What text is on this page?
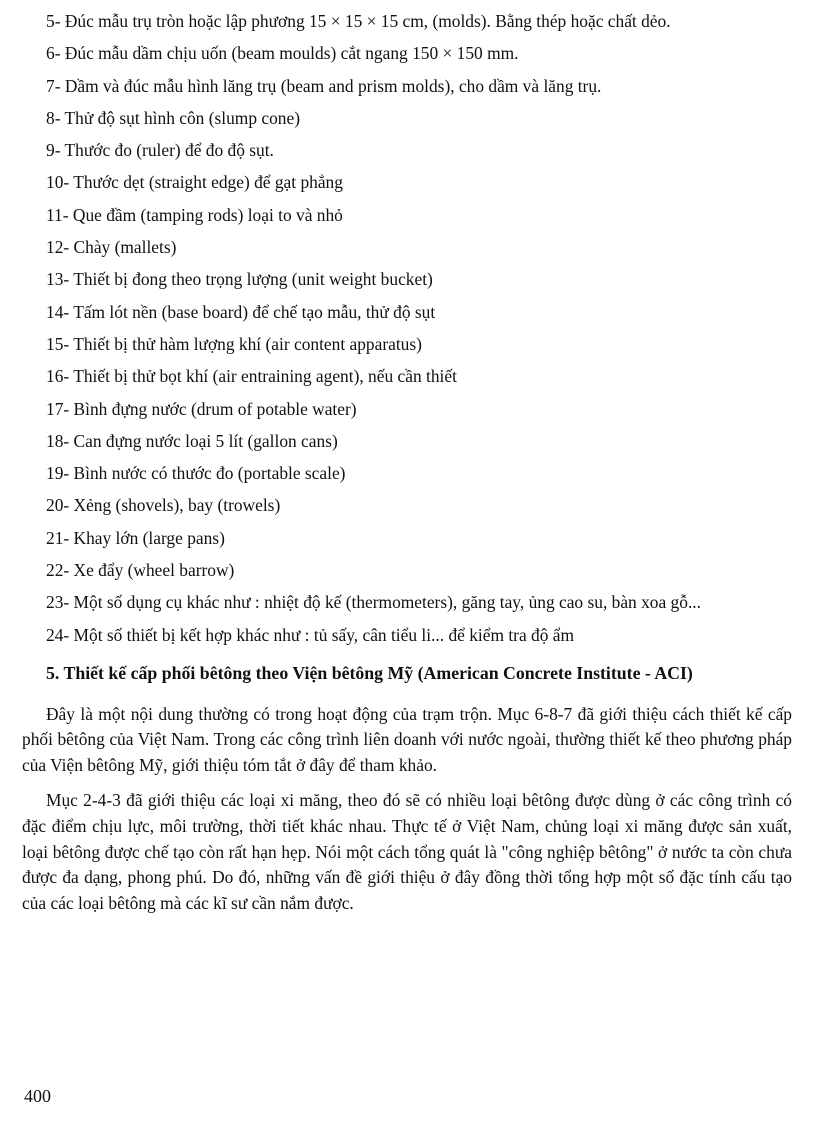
5- Đúc mẫu trụ tròn hoặc lập phương 15 × 15 × 15 cm, (molds). Bằng thép hoặc chất dẻo.

6- Đúc mẫu dầm chịu uốn (beam moulds) cắt ngang 150 × 150 mm.
7- Dầm và đúc mẫu hình lăng trụ (beam and prism molds), cho dầm và lăng trụ.
8- Thử độ sụt hình côn (slump cone)
9- Thước đo (ruler) để đo độ sụt.
10- Thước dẹt (straight edge) để gạt phẳng
11- Que đầm (tamping rods) loại to và nhỏ
12- Chày (mallets)
13- Thiết bị đong theo trọng lượng (unit weight bucket)
14- Tấm lót nền (base board) để chế tạo mẫu, thử độ sụt
15- Thiết bị thử hàm lượng khí (air content apparatus)
16- Thiết bị thử bọt khí (air entraining agent), nếu cần thiết
17- Bình đựng nước (drum of potable water)
18- Can đựng nước loại 5 lít (gallon cans)
19- Bình nước có thước đo (portable scale)
20- Xẻng (shovels), bay (trowels)
21- Khay lớn (large pans)
22- Xe đẩy (wheel barrow)

23- Một số dụng cụ khác như : nhiệt độ kế (thermometers), găng tay, ủng cao su, bàn xoa gỗ...

24- Một số thiết bị kết hợp khác như : tủ sấy, cân tiểu li... để kiểm tra độ ẩm
5. Thiết kế cấp phối bêtông theo Viện bêtông Mỹ (American Concrete Institute - ACI)

Đây là một nội dung thường có trong hoạt động của trạm trộn. Mục 6-8-7 đã giới thiệu cách thiết kế cấp phối bêtông của Việt Nam. Trong các công trình liên doanh với nước ngoài, thường thiết kế theo phương pháp của Viện bêtông Mỹ, giới thiệu tóm tắt ở đây để tham khảo.

Mục 2-4-3 đã giới thiệu các loại xi măng, theo đó sẽ có nhiều loại bêtông được dùng ở các công trình có đặc điểm chịu lực, môi trường, thời tiết khác nhau. Thực tế ở Việt Nam, chủng loại xi măng được sản xuất, loại bêtông được chế tạo còn rất hạn hẹp. Nói một cách tổng quát là "công nghiệp bêtông" ở nước ta còn chưa được đa dạng, phong phú. Do đó, những vấn đề giới thiệu ở đây đồng thời tổng hợp một số đặc tính cấu tạo của các loại bêtông mà các kĩ sư cần nắm được.

400
